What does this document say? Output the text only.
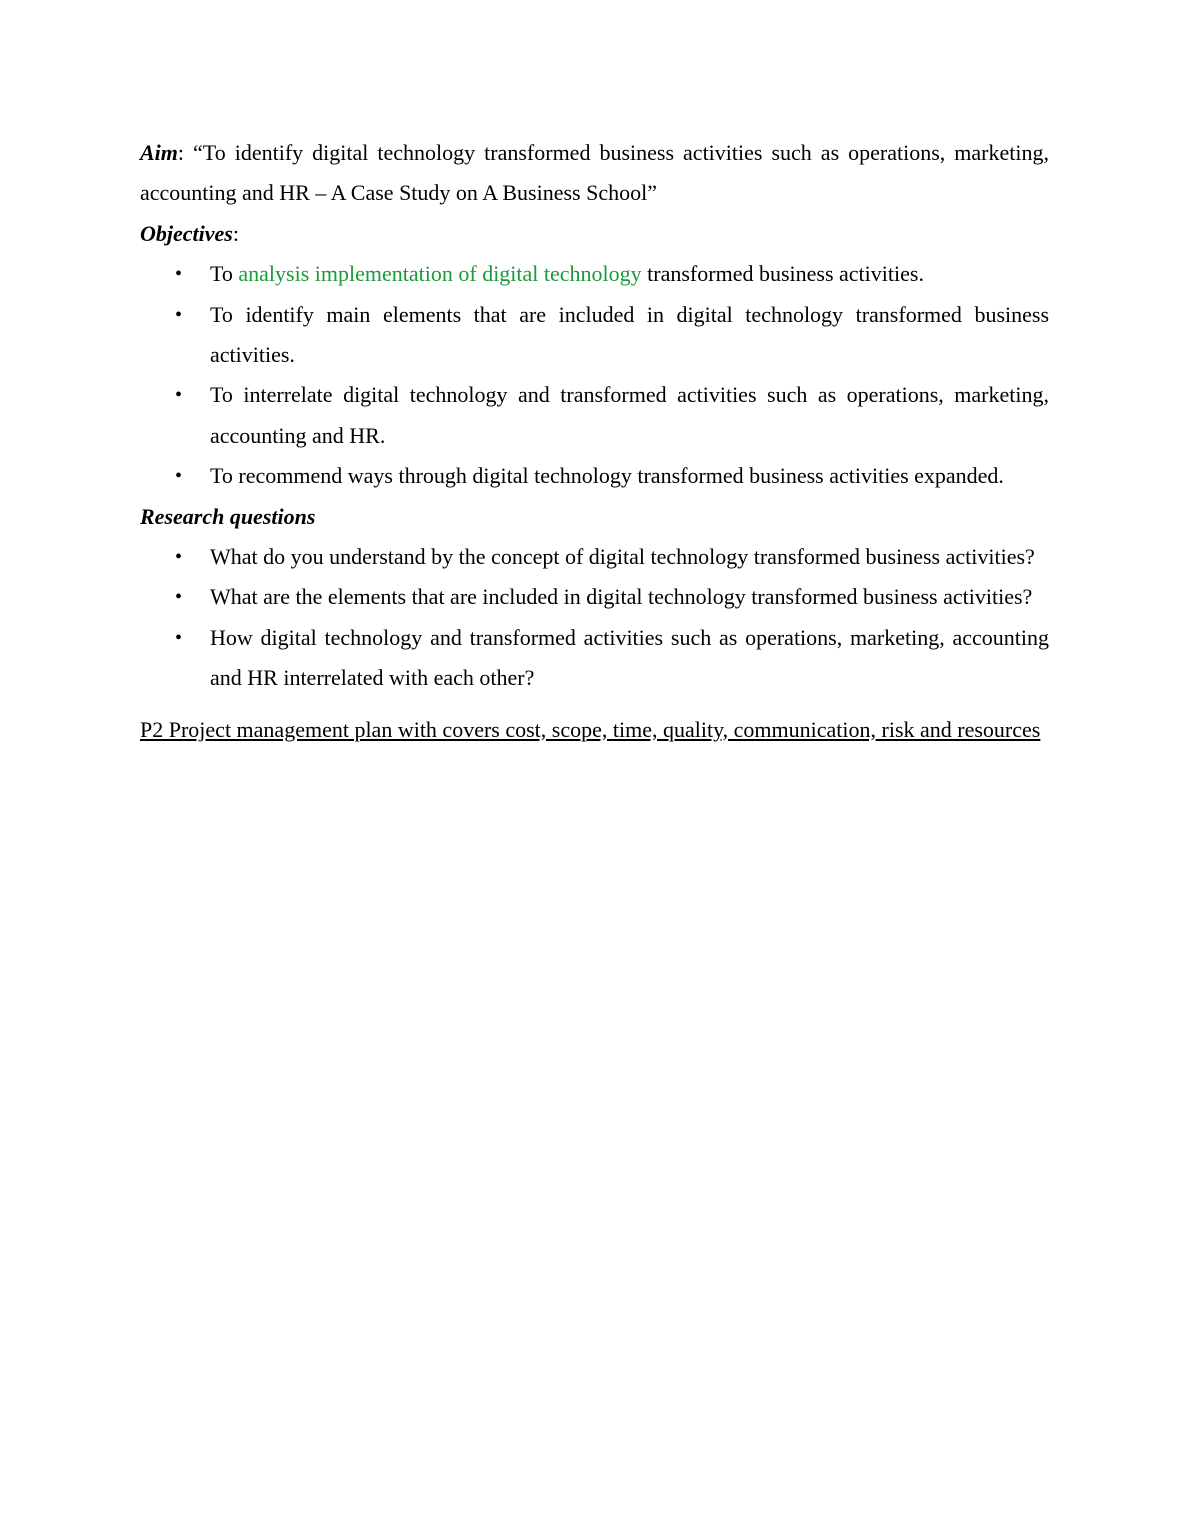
Aim: “To identify digital technology transformed business activities such as operations, marketing, accounting and HR – A Case Study on A Business School”

Objectives:

• To analysis implementation of digital technology transformed business activities.
• To identify main elements that are included in digital technology transformed business activities.
• To interrelate digital technology and transformed activities such as operations, marketing, accounting and HR.
• To recommend ways through digital technology transformed business activities expanded.

Research questions

• What do you understand by the concept of digital technology transformed business activities?
• What are the elements that are included in digital technology transformed business activities?
• How digital technology and transformed activities such as operations, marketing, accounting and HR interrelated with each other?

P2 Project management plan with covers cost, scope, time, quality, communication, risk and resources
